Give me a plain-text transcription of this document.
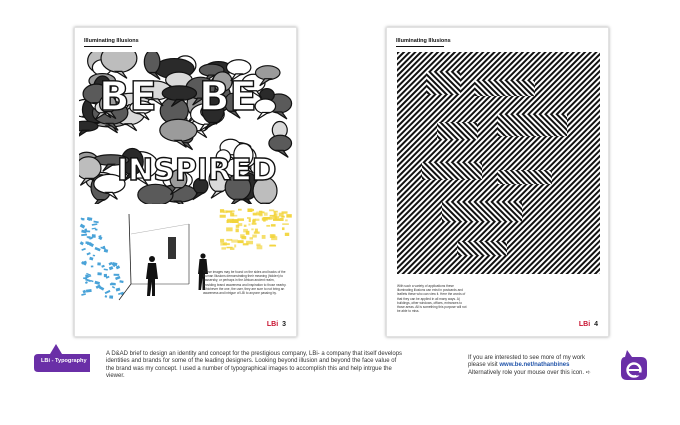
Illuminating Illusions
BE BE
INSPIRED
These images may be found on the sides and backs of the Human Illusions demonstrating their meaning (hidden) to passersby, or perhaps in the African ancient realm, providing brand awareness and inspiration to those nearby. Whichever the one, the user, they are sure to not bring an awareness and intrigue of LBi to anyone passing by.
LBi 3
Illuminating Illusions
With such a variety of applications these illuminating illusions can exist in postcards and leaflets these who can view it. Here the words of that they can be applied in all many ways. A) buildings, other windows, offices, entrances to those areas. All is something this purpose will not be able to miss.
LBi 4
LBi - Typography
A D&AD brief to design an identity and concept for the prestigious company, LBi- a company that itself develops identities and brands for some of the leading designers. Looking beyond illusion and beyond the face value of the brand was my concept. I used a number of typographical images to accomplish this and help intrgue the viewer.
If you are interested to see more of my work
please visit www.be.net/nathanbines
Alternatively role your mouse over this icon. ➪
